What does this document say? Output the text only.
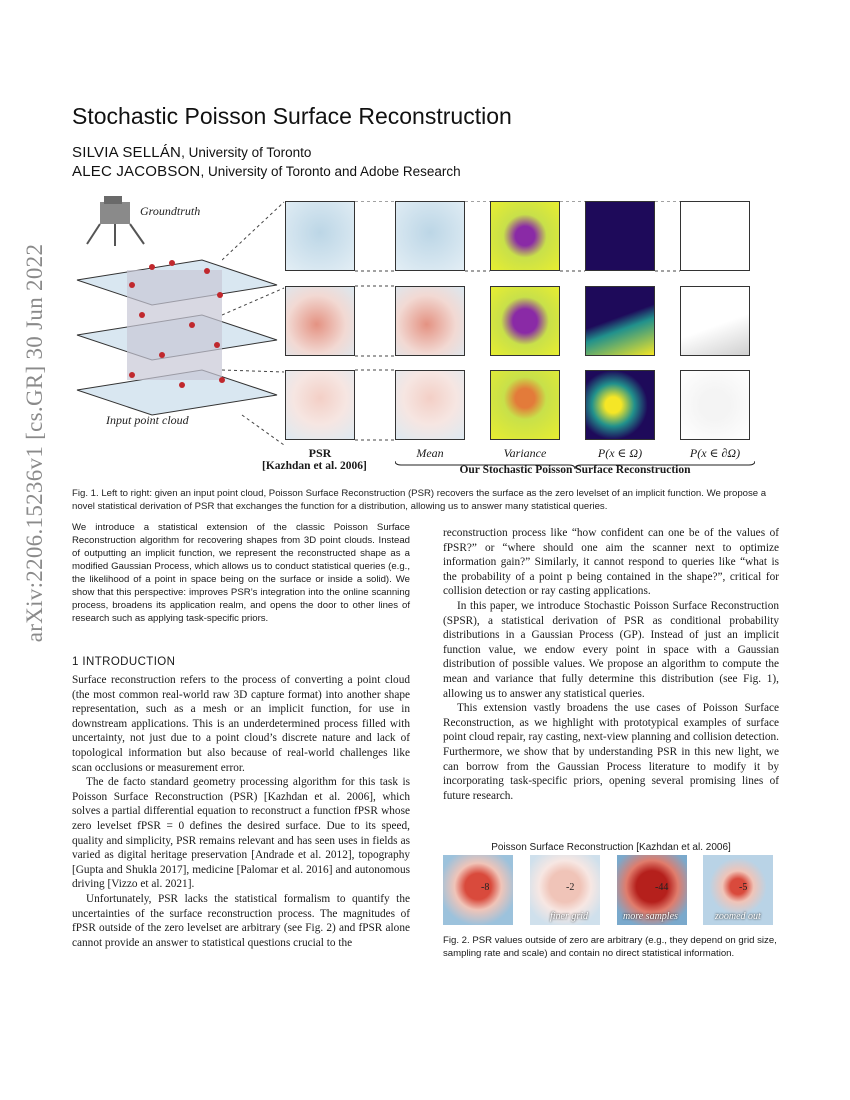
arXiv:2206.15236v1 [cs.GR] 30 Jun 2022
Stochastic Poisson Surface Reconstruction
SILVIA SELLÁN, University of Toronto
ALEC JACOBSON, University of Toronto and Adobe Research
Groundtruth
Input point cloud
PSR
[Kazhdan et al. 2006]
Mean	Variance	P(x ∈ Ω)	P(x ∈ ∂Ω)
Our Stochastic Poisson Surface Reconstruction
Fig. 1. Left to right: given an input point cloud, Poisson Surface Reconstruction (PSR) recovers the surface as the zero levelset of an implicit function. We propose a novel statistical derivation of PSR that exchanges the function for a distribution, allowing us to answer many statistical queries.
We introduce a statistical extension of the classic Poisson Surface Reconstruction algorithm for recovering shapes from 3D point clouds. Instead of outputting an implicit function, we represent the reconstructed shape as a modified Gaussian Process, which allows us to conduct statistical queries (e.g., the likelihood of a point in space being on the surface or inside a solid). We show that this perspective: improves PSR’s integration into the online scanning process, broadens its application realm, and opens the door to other lines of research such as applying task-specific priors.
1 INTRODUCTION

Surface reconstruction refers to the process of converting a point cloud (the most common real-world raw 3D capture format) into another shape representation, such as a mesh or an implicit function, for use in downstream applications. This is an underdetermined process filled with uncertainty, not just due to a point cloud’s discrete nature and lack of topological information but also because of real-world challenges like scan occlusions or measurement error.

The de facto standard geometry processing algorithm for this task is Poisson Surface Reconstruction (PSR) [Kazhdan et al. 2006], which solves a partial differential equation to reconstruct a function fPSR whose zero levelset fPSR = 0 defines the desired surface. Due to its speed, quality and simplicity, PSR remains relevant and has seen uses in fields as varied as digital heritage preservation [Andrade et al. 2012], topography [Gupta and Shukla 2017], medicine [Palomar et al. 2016] and autonomous driving [Vizzo et al. 2021].

Unfortunately, PSR lacks the statistical formalism to quantify the uncertainties of the surface reconstruction process. The magnitudes of fPSR outside of the zero levelset are arbitrary (see Fig. 2) and fPSR alone cannot provide an answer to statistical questions crucial to the

reconstruction process like “how confident can one be of the values of fPSR?” or “where should one aim the scanner next to optimize information gain?” Similarly, it cannot respond to queries like “what is the probability of a point p being contained in the shape?”, critical for collision detection or ray casting applications.

In this paper, we introduce Stochastic Poisson Surface Reconstruction (SPSR), a statistical derivation of PSR as conditional probability distributions in a Gaussian Process (GP). Instead of just an implicit function value, we endow every point in space with a Gaussian distribution of possible values. We propose an algorithm to compute the mean and variance that fully determine this distribution (see Fig. 1), allowing us to answer any statistical queries.

This extension vastly broadens the use cases of Poisson Surface Reconstruction, as we highlight with prototypical examples of surface point cloud repair, ray casting, next-view planning and collision detection. Furthermore, we show that by understanding PSR in this new light, we can borrow from the Gaussian Process literature to modify it by incorporating task-specific priors, opening several promising lines of future research.

Poisson Surface Reconstruction [Kazhdan et al. 2006]
-8	-2
finer grid
-44
more samples
-5
zoomed out
Fig. 2. PSR values outside of zero are arbitrary (e.g., they depend on grid size, sampling rate and scale) and contain no direct statistical information.
